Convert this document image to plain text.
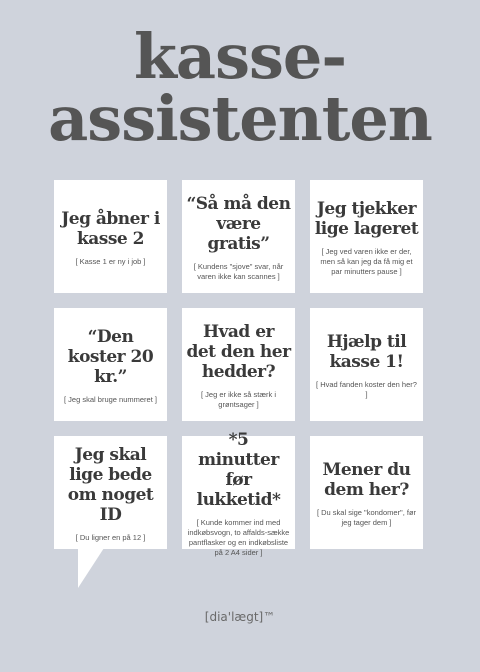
kasse-
assistenten
Jeg åbner i kasse 2
[ Kasse 1 er ny i job ]
“Så må den være gratis”
[ Kundens "sjove" svar, når varen ikke kan scannes ]
Jeg tjekker lige lageret
[ Jeg ved varen ikke er der, men så kan jeg da få mig et par minutters pause ]
“Den koster 20 kr.”
[ Jeg skal bruge nummeret ]
Hvad er det den her hedder?
[ Jeg er ikke så stærk i grøntsager ]
Hjælp til kasse 1!
[ Hvad fanden koster den her? ]
Jeg skal lige bede om noget ID
[ Du ligner en på 12 ]
*5 minutter før lukketid*
[ Kunde kommer ind med indkøbsvogn, to affalds-sække pantflasker og en indkøbsliste på 2 A4 sider ]
Mener du dem her?
[ Du skal sige "kondomer", før jeg tager dem ]
[dia'lægt]™
